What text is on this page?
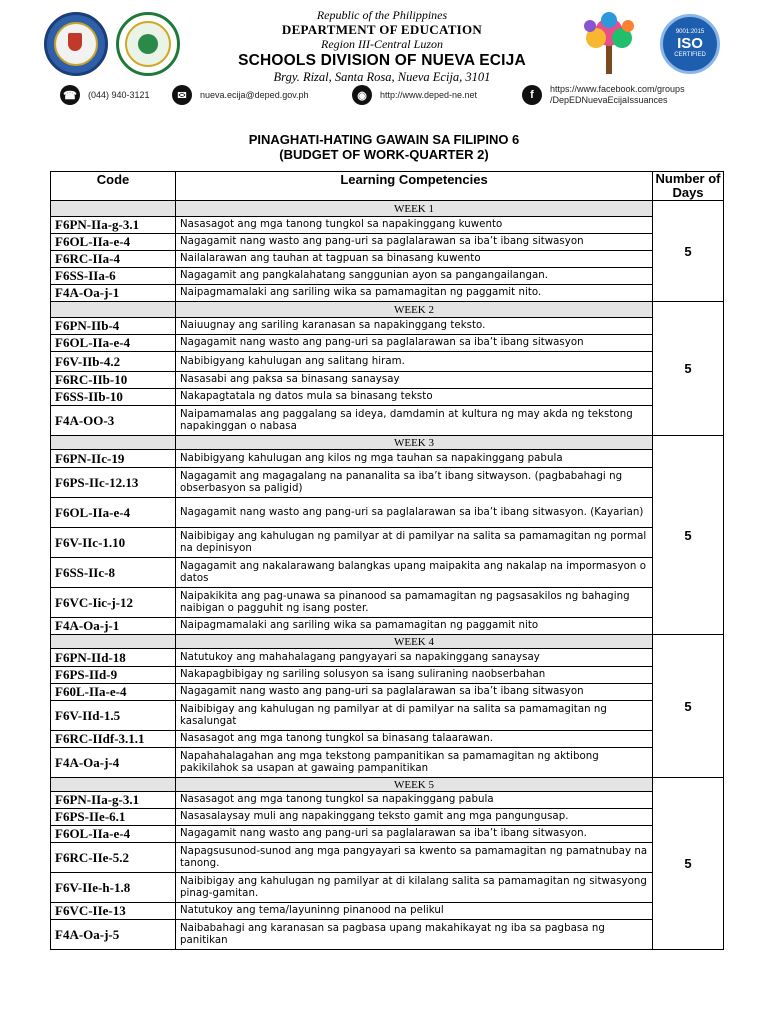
Republic of the Philippines
DEPARTMENT OF EDUCATION
Region III-Central Luzon
SCHOOLS DIVISION OF NUEVA ECIJA
Brgy. Rizal, Santa Rosa, Nueva Ecija, 3101
9001:2015
ISO
CERTIFIED
☎	(044) 940-3121	✉	nueva.ecija@deped.gov.ph	◉	http://www.deped-ne.net	f	https://www.facebook.com/groups
/DepEDNuevaEcijaIssuances
PINAGHATI-HATING GAWAIN SA FILIPINO 6
(BUDGET OF WORK-QUARTER 2)
Code	Learning Competencies	Number of Days
	WEEK 1	5
F6PN-IIa-g-3.1	Nasasagot ang mga tanong tungkol sa napakinggang kuwento	
F6OL-IIa-e-4	Nagagamit nang wasto ang pang-uri sa paglalarawan sa iba’t ibang sitwasyon	
F6RC-IIa-4	Nailalarawan ang tauhan at tagpuan sa binasang kuwento	
F6SS-IIa-6	Nagagamit ang pangkalahatang sanggunian ayon sa pangangailangan.	
F4A-Oa-j-1	Naipagmamalaki ang sariling wika sa pamamagitan ng paggamit nito.	
	WEEK 2	5
F6PN-IIb-4	Naiuugnay ang sariling karanasan sa napakinggang teksto.	
F6OL-IIa-e-4	Nagagamit nang wasto ang pang-uri sa paglalarawan sa iba’t ibang sitwasyon	
F6V-IIb-4.2	Nabibigyang kahulugan ang salitang hiram.	
F6RC-IIb-10	Nasasabi ang paksa sa binasang sanaysay	
F6SS-IIb-10	Nakapagtatala ng datos mula sa binasang teksto	
F4A-OO-3	Naipamamalas ang paggalang sa ideya, damdamin at kultura ng may akda ng tekstong napakinggan o nabasa	
	WEEK 3	5
F6PN-IIc-19	Nabibigyang kahulugan ang kilos ng mga tauhan sa napakinggang pabula	
F6PS-IIc-12.13	Nagagamit ang magagalang na pananalita sa iba’t ibang sitwayson. (pagbabahagi ng obserbasyon sa paligid)	
F6OL-IIa-e-4	Nagagamit nang wasto ang pang-uri sa paglalarawan sa iba’t ibang sitwasyon. (Kayarian)	
F6V-IIc-1.10	Naibibigay ang kahulugan ng pamilyar at di pamilyar na salita sa pamamagitan ng pormal na depinisyon	
F6SS-IIc-8	Nagagamit ang nakalarawang balangkas upang maipakita ang nakalap na impormasyon o datos	
F6VC-Iic-j-12	Naipakikita ang pag-unawa sa pinanood sa pamamagitan ng pagsasakilos ng bahaging naibigan o pagguhit ng isang poster.	
F4A-Oa-j-1	Naipagmamalaki ang sariling wika sa pamamagitan ng paggamit nito	
	WEEK 4	5
F6PN-IId-18	Natutukoy ang mahahalagang pangyayari sa napakinggang sanaysay	
F6PS-IId-9	Nakapagbibigay ng sariling solusyon sa isang suliraning naobserbahan	
F60L-IIa-e-4	Nagagamit nang wasto ang pang-uri sa paglalarawan sa iba’t ibang sitwasyon	
F6V-IId-1.5	Naibibigay ang kahulugan ng pamilyar at di pamilyar na salita sa pamamagitan ng kasalungat	
F6RC-IIdf-3.1.1	Nasasagot ang mga tanong tungkol sa binasang talaarawan.	
F4A-Oa-j-4	Napahahalagahan ang mga tekstong pampanitikan sa pamamagitan ng aktibong pakikilahok sa usapan at gawaing pampanitikan	
	WEEK 5	5
F6PN-IIa-g-3.1	Nasasagot ang mga tanong tungkol sa napakinggang pabula	
F6PS-IIe-6.1	Nasasalaysay muli ang napakinggang teksto gamit ang mga pangungusap.	
F6OL-IIa-e-4	Nagagamit nang wasto ang pang-uri sa paglalarawan sa iba’t ibang sitwasyon.	
F6RC-IIe-5.2	Napagsusunod-sunod ang mga pangyayari sa kwento sa pamamagitan ng pamatnubay na tanong.	
F6V-IIe-h-1.8	Naibibigay ang kahulugan ng pamilyar at di kilalang salita sa pamamagitan ng sitwasyong pinag-gamitan.	
F6VC-IIe-13	Natutukoy ang tema/layuninng pinanood na pelikul	
F4A-Oa-j-5	Naibabahagi ang karanasan sa pagbasa upang makahikayat ng iba sa pagbasa ng panitikan	
